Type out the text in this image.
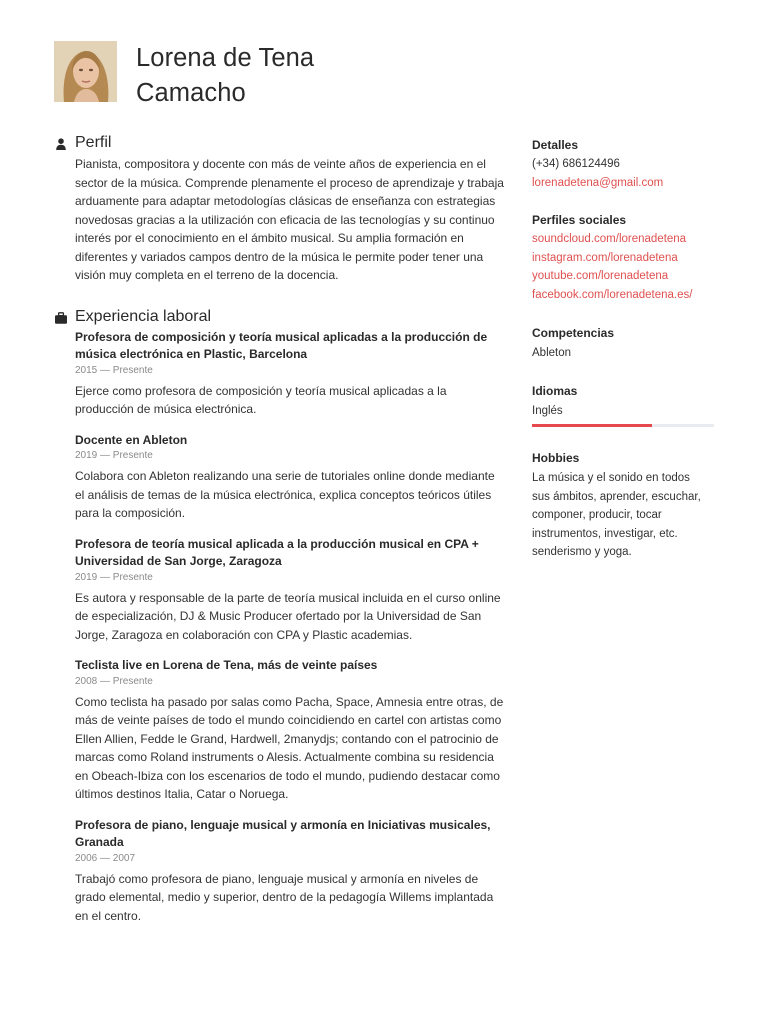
Lorena de Tena
Camacho
Perfil
Pianista, compositora y docente con más de veinte años de experiencia en el sector de la música. Comprende plenamente el proceso de aprendizaje y trabaja arduamente para adaptar metodologías clásicas de enseñanza con estrategias novedosas gracias a la utilización con eficacia de las tecnologías y su continuo interés por el conocimiento en el ámbito musical. Su amplia formación en diferentes y variados campos dentro de la música le permite poder tener una visión muy completa en el terreno de la docencia.
Experiencia laboral
Profesora de composición y teoría musical aplicadas a la producción de música electrónica en Plastic, Barcelona
2015 — Presente
Ejerce como profesora de composición y teoría musical aplicadas a la producción de música electrónica.
Docente en Ableton
2019 — Presente
Colabora con Ableton realizando una serie de tutoriales online donde mediante el análisis de temas de la música electrónica, explica conceptos teóricos útiles para la composición.
Profesora de teoría musical aplicada a la producción musical en CPA + Universidad de San Jorge, Zaragoza
2019 — Presente
Es autora y responsable de la parte de teoría musical incluida en el curso online de especialización, DJ & Music Producer ofertado por la Universidad de San Jorge, Zaragoza en colaboración con CPA y Plastic academias.
Teclista live en Lorena de Tena, más de veinte países
2008 — Presente
Como teclista ha pasado por salas como Pacha, Space, Amnesia entre otras, de más de veinte países de todo el mundo coincidiendo en cartel con artistas como Ellen Allien, Fedde le Grand, Hardwell, 2manydjs; contando con el patrocinio de marcas como Roland instruments o Alesis. Actualmente combina su residencia en Obeach-Ibiza con los escenarios de todo el mundo, pudiendo destacar como últimos destinos Italia, Catar o Noruega.
Profesora de piano, lenguaje musical y armonía en Iniciativas musicales, Granada
2006 — 2007
Trabajó como profesora de piano, lenguaje musical y armonía en niveles de grado elemental, medio y superior, dentro de la pedagogía Willems implantada en el centro.
Detalles
(+34) 686124496
lorenadetena@gmail.com
Perfiles sociales
soundcloud.com/lorenadetena
instagram.com/lorenadetena
youtube.com/lorenadetena
facebook.com/lorenadetena.es/
Competencias
Ableton
Idiomas
Inglés
Hobbies
La música y el sonido en todos sus ámbitos, aprender, escuchar, componer, producir, tocar instrumentos, investigar, etc. senderismo y yoga.
